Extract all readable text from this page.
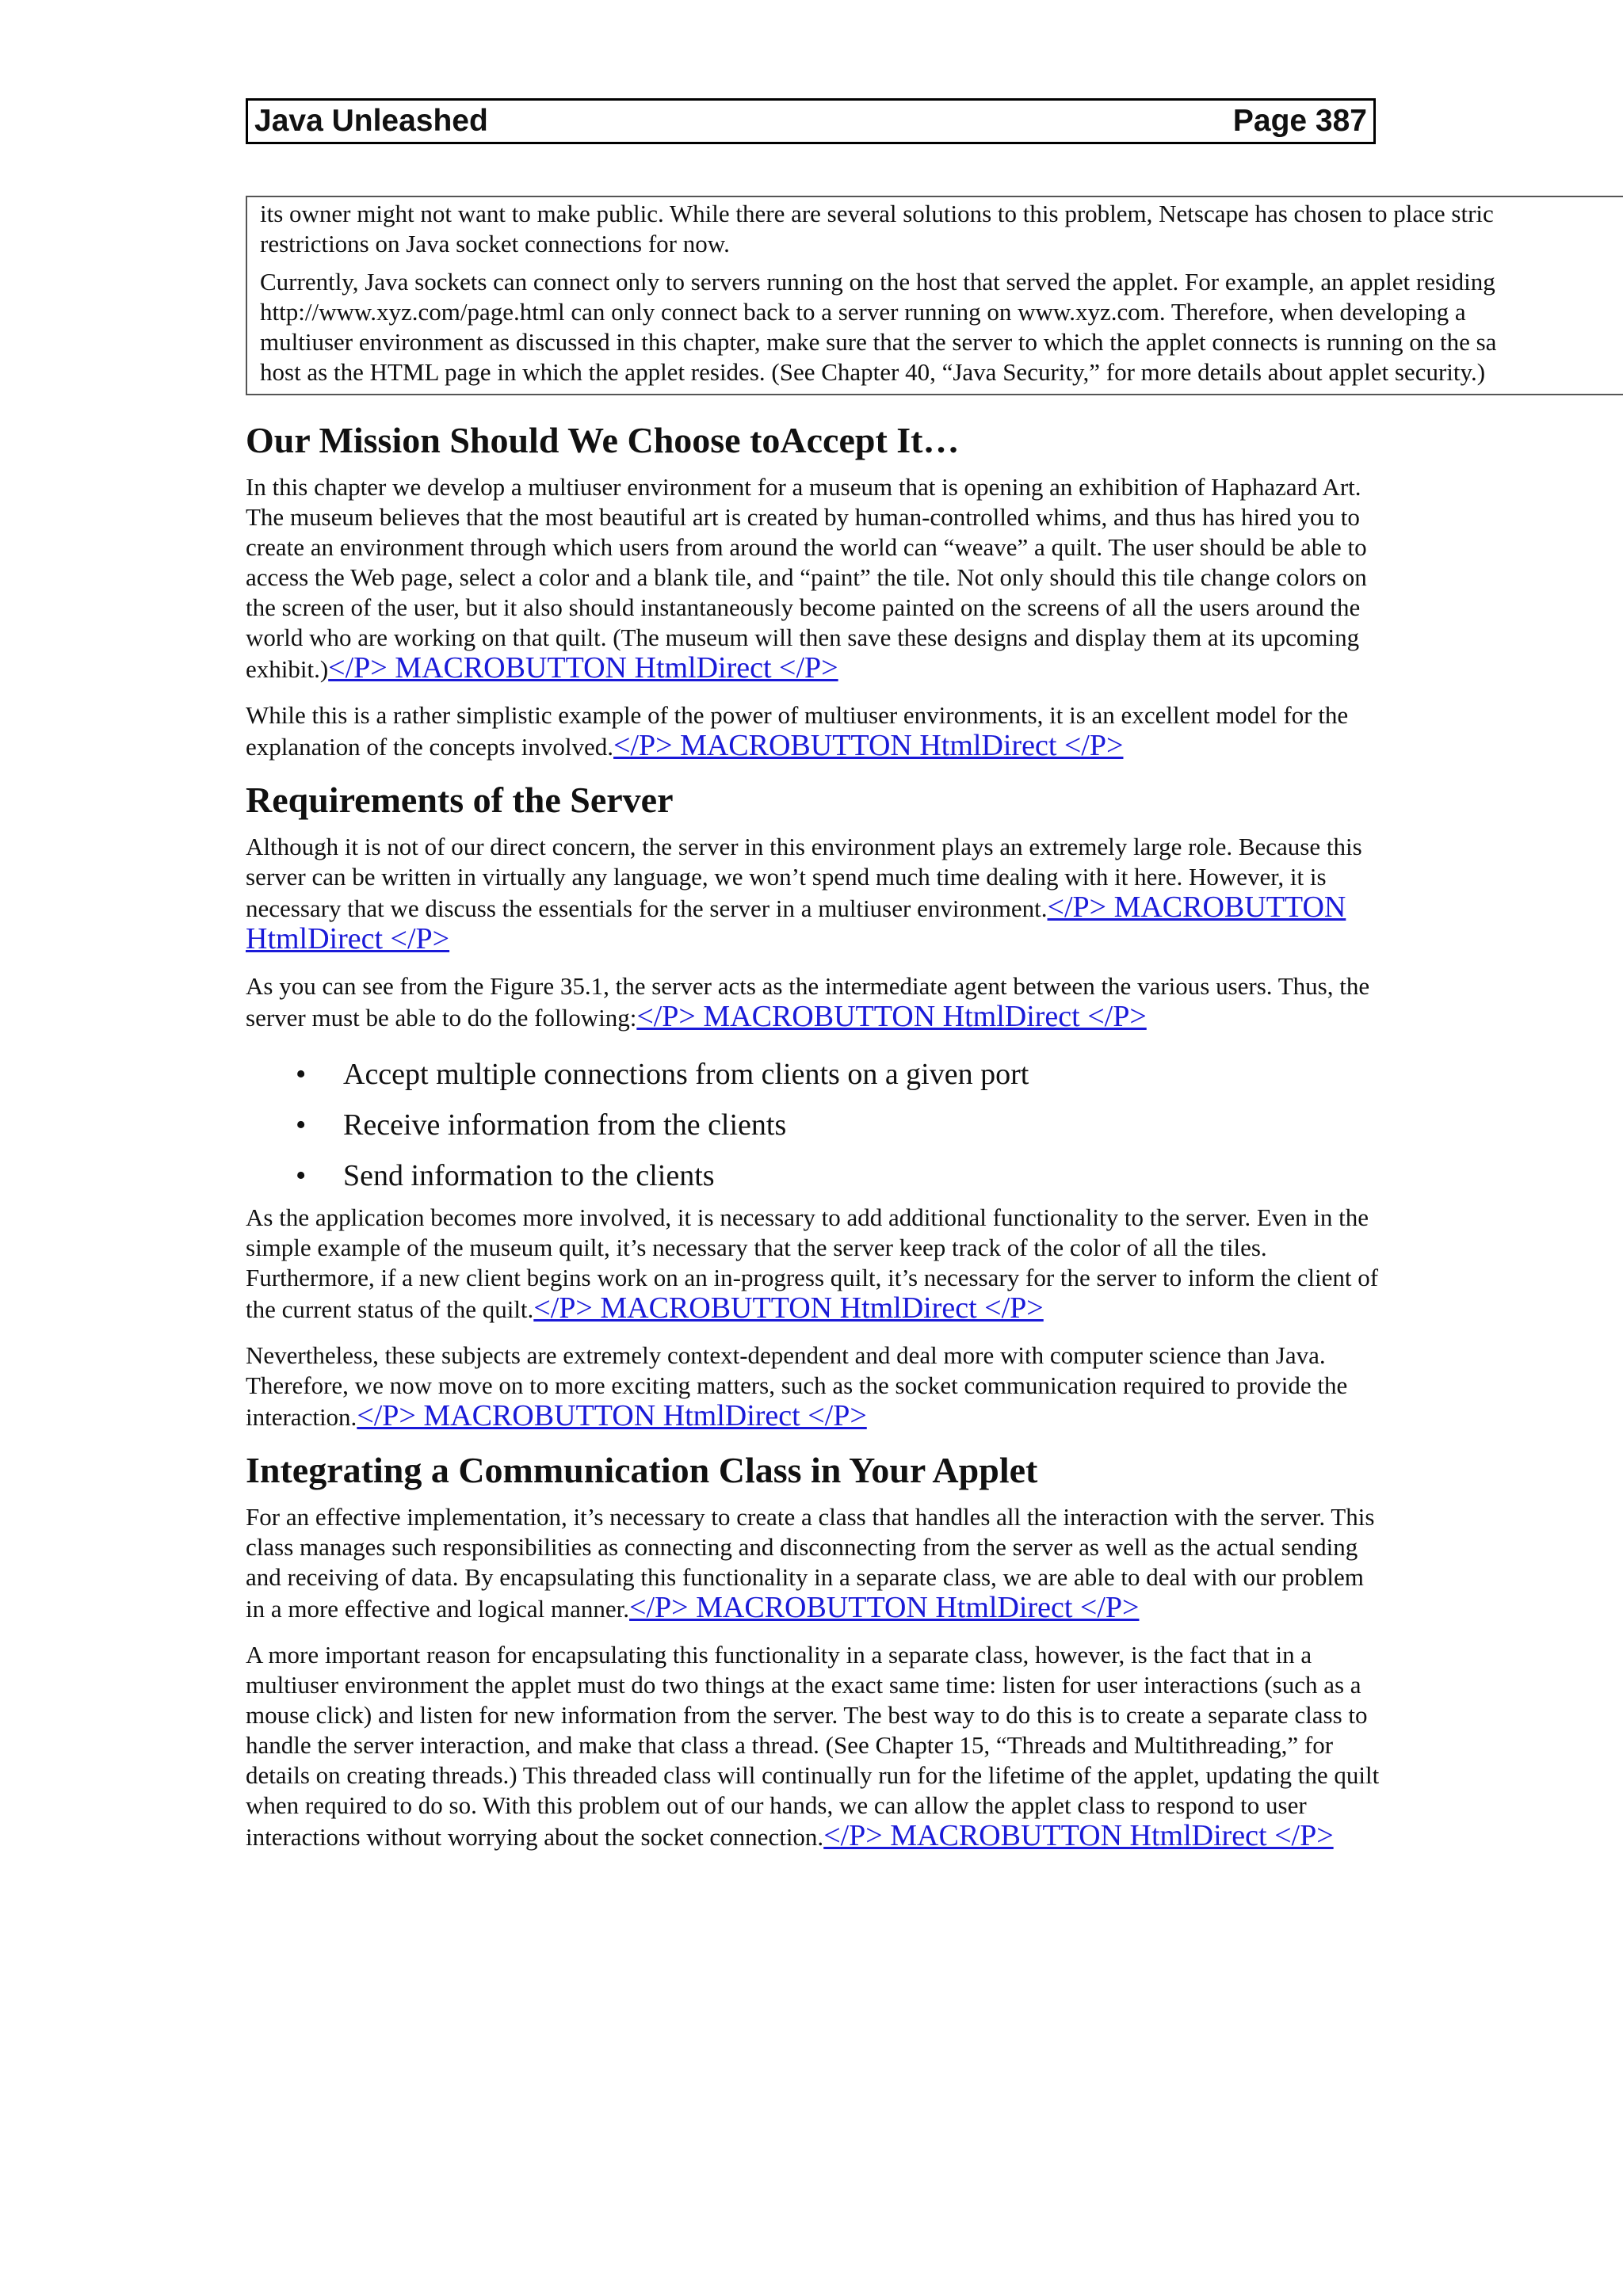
Java Unleashed	Page 387

its owner might not want to make public. While there are several solutions to this problem, Netscape has chosen to place stric
restrictions on Java socket connections for now.

Currently, Java sockets can connect only to servers running on the host that served the applet. For example, an applet residing
http://www.xyz.com/page.html can only connect back to a server running on www.xyz.com. Therefore, when developing a
multiuser environment as discussed in this chapter, make sure that the server to which the applet connects is running on the sa
host as the HTML page in which the applet resides. (See Chapter 40, “Java Security,” for more details about applet security.)

Our Mission Should We Choose toAccept It…

In this chapter we develop a multiuser environment for a museum that is opening an exhibition of Haphazard Art. The museum believes that the most beautiful art is created by human-controlled whims, and thus has hired you to create an environment through which users from around the world can “weave” a quilt. The user should be able to access the Web page, select a color and a blank tile, and “paint” the tile. Not only should this tile change colors on the screen of the user, but it also should instantaneously become painted on the screens of all the users around the world who are working on that quilt. (The museum will then save these designs and display them at its upcoming exhibit.)</P> MACROBUTTON HtmlDirect </P>

While this is a rather simplistic example of the power of multiuser environments, it is an excellent model for the explanation of the concepts involved.</P> MACROBUTTON HtmlDirect </P>

Requirements of the Server

Although it is not of our direct concern, the server in this environment plays an extremely large role. Because this server can be written in virtually any language, we won’t spend much time dealing with it here. However, it is necessary that we discuss the essentials for the server in a multiuser environment.</P> MACROBUTTON HtmlDirect </P>

As you can see from the Figure 35.1, the server acts as the intermediate agent between the various users. Thus, the server must be able to do the following:</P> MACROBUTTON HtmlDirect </P>

• Accept multiple connections from clients on a given port
• Receive information from the clients
• Send information to the clients

As the application becomes more involved, it is necessary to add additional functionality to the server. Even in the simple example of the museum quilt, it’s necessary that the server keep track of the color of all the tiles. Furthermore, if a new client begins work on an in-progress quilt, it’s necessary for the server to inform the client of the current status of the quilt.</P> MACROBUTTON HtmlDirect </P>

Nevertheless, these subjects are extremely context-dependent and deal more with computer science than Java. Therefore, we now move on to more exciting matters, such as the socket communication required to provide the interaction.</P> MACROBUTTON HtmlDirect </P>

Integrating a Communication Class in Your Applet

For an effective implementation, it’s necessary to create a class that handles all the interaction with the server. This class manages such responsibilities as connecting and disconnecting from the server as well as the actual sending and receiving of data. By encapsulating this functionality in a separate class, we are able to deal with our problem in a more effective and logical manner.</P> MACROBUTTON HtmlDirect </P>

A more important reason for encapsulating this functionality in a separate class, however, is the fact that in a multiuser environment the applet must do two things at the exact same time: listen for user interactions (such as a mouse click) and listen for new information from the server. The best way to do this is to create a separate class to handle the server interaction, and make that class a thread. (See Chapter 15, “Threads and Multithreading,” for details on creating threads.) This threaded class will continually run for the lifetime of the applet, updating the quilt when required to do so. With this problem out of our hands, we can allow the applet class to respond to user interactions without worrying about the socket connection.</P> MACROBUTTON HtmlDirect </P>
